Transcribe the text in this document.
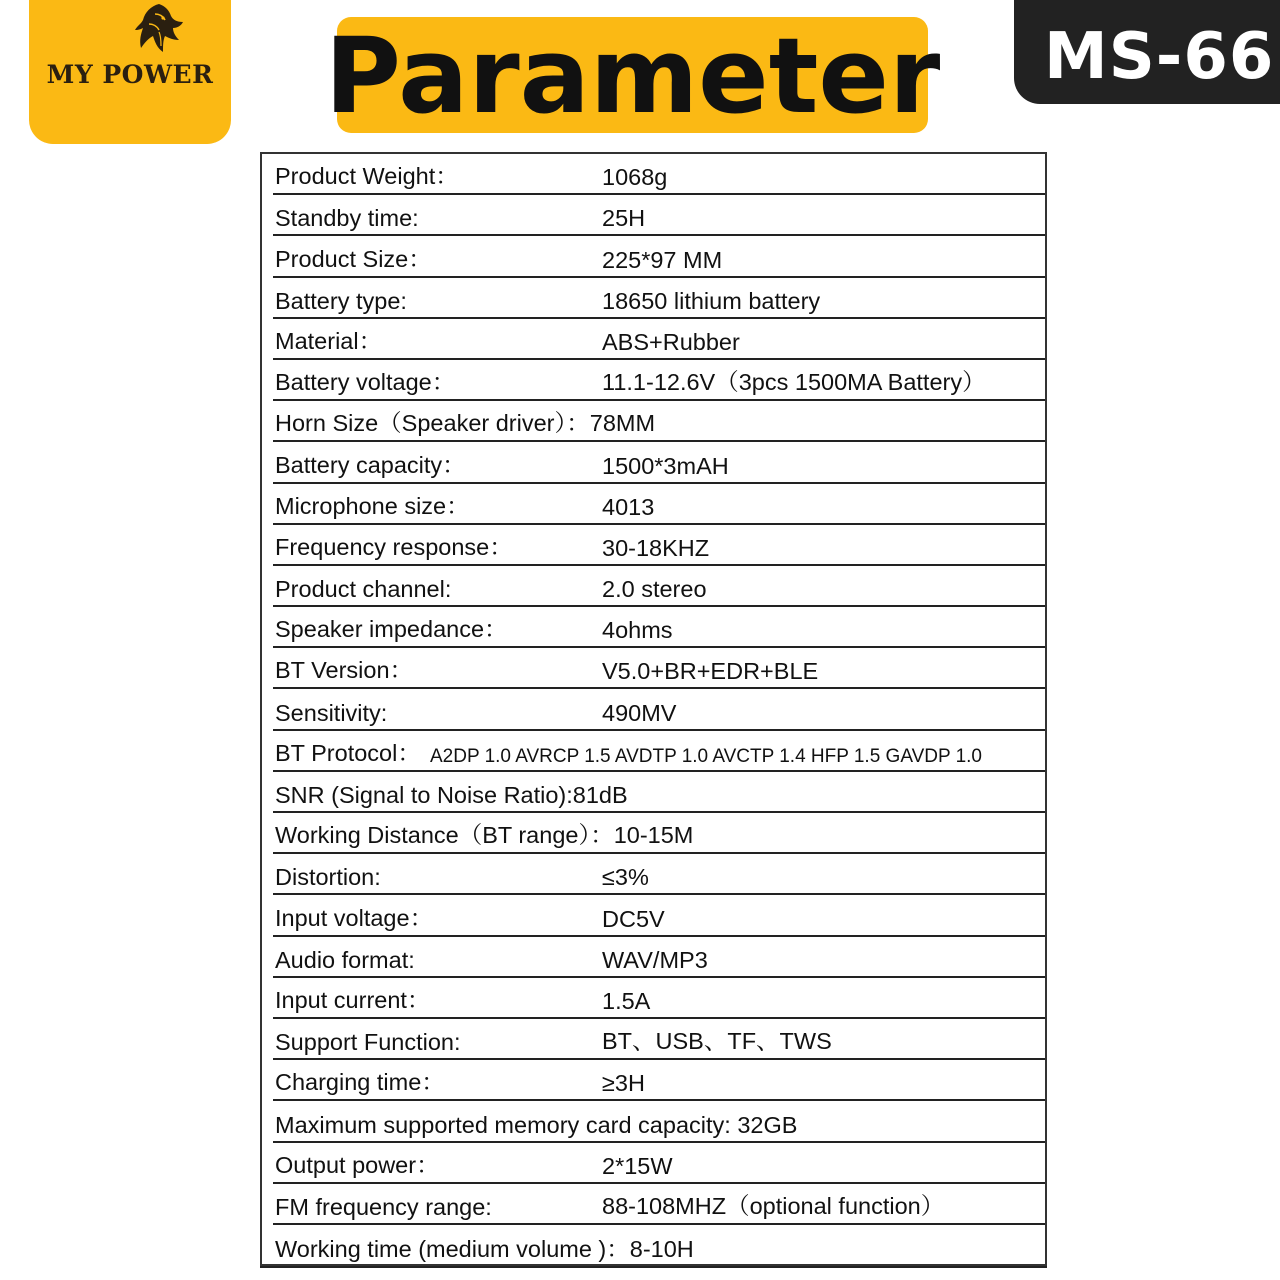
MY POWER Parameter MS-66
Product Weight：	1068g
Standby time:	25H
Product Size：	225*97 MM
Battery type:	18650 lithium battery
Material：	ABS+Rubber
Battery voltage：	11.1-12.6V（3pcs 1500MA Battery）
Horn Size（Speaker driver）：78MM
Battery capacity：	1500*3mAH
Microphone size：	4013
Frequency response：	30-18KHZ
Product channel:	2.0 stereo
Speaker impedance：	4ohms
BT Version：	V5.0+BR+EDR+BLE
Sensitivity:	490MV
BT Protocol： A2DP 1.0 AVRCP 1.5 AVDTP 1.0 AVCTP 1.4 HFP 1.5 GAVDP 1.0
SNR (Signal to Noise Ratio):81dB
Working Distance（BT range）：10-15M
Distortion:	≤3%
Input voltage：	DC5V
Audio format:	WAV/MP3
Input current：	1.5A
Support Function:	BT、USB、TF、TWS
Charging time：	≥3H
Maximum supported memory card capacity: 32GB
Output power：	2*15W
FM frequency range:	88-108MHZ（optional function）
Working time (medium volume )：8-10H
